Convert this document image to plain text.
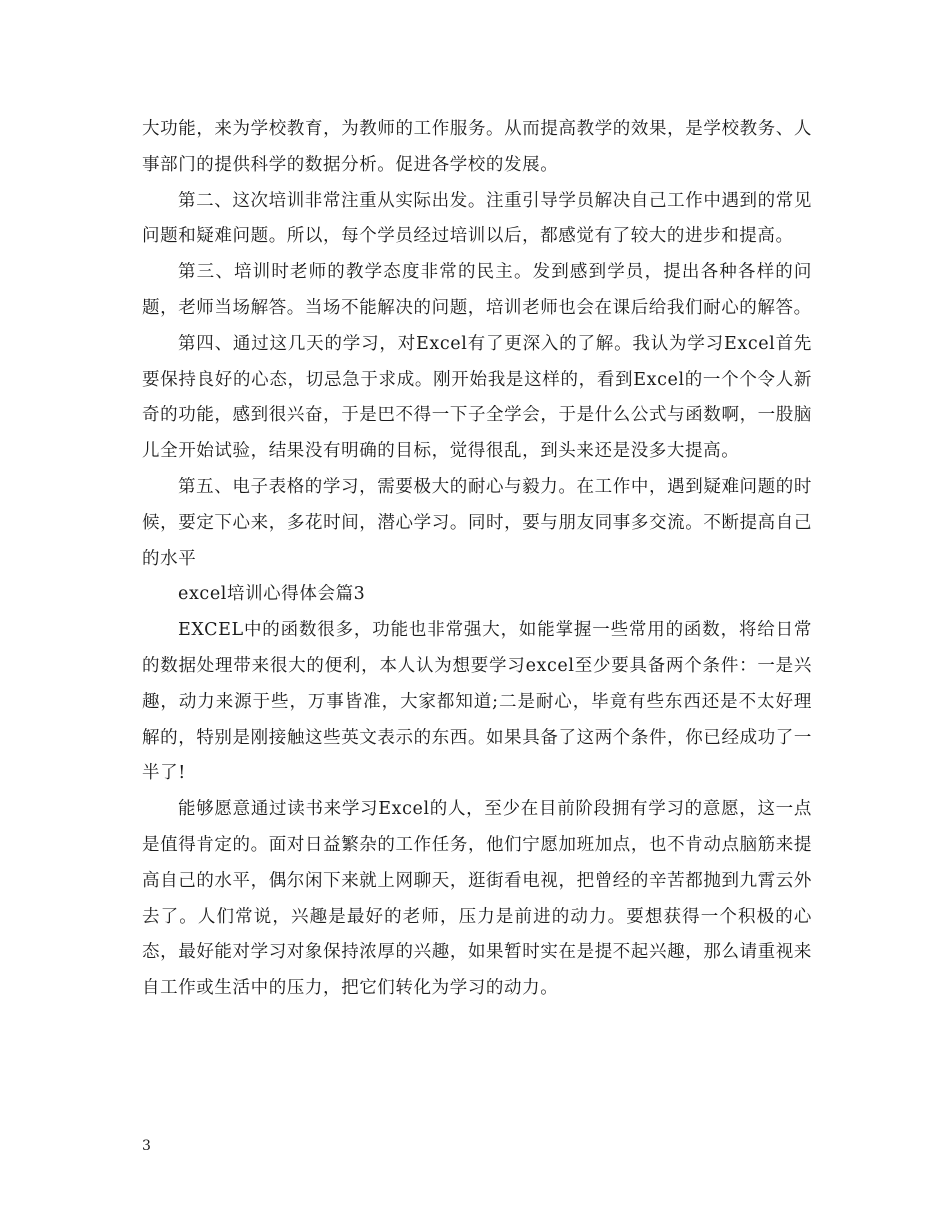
大功能，来为学校教育，为教师的工作服务。从而提高教学的效果，是学校教务、人事部门的提供科学的数据分析。促进各学校的发展。

第二、这次培训非常注重从实际出发。注重引导学员解决自己工作中遇到的常见问题和疑难问题。所以，每个学员经过培训以后，都感觉有了较大的进步和提高。

第三、培训时老师的教学态度非常的民主。发到感到学员，提出各种各样的问题，老师当场解答。当场不能解决的问题，培训老师也会在课后给我们耐心的解答。

第四、通过这几天的学习，对Excel有了更深入的了解。我认为学习Excel首先要保持良好的心态，切忌急于求成。刚开始我是这样的，看到Excel的一个个令人新奇的功能，感到很兴奋，于是巴不得一下子全学会，于是什么公式与函数啊，一股脑儿全开始试验，结果没有明确的目标，觉得很乱，到头来还是没多大提高。

第五、电子表格的学习，需要极大的耐心与毅力。在工作中，遇到疑难问题的时候，要定下心来，多花时间，潜心学习。同时，要与朋友同事多交流。不断提高自己的水平

excel培训心得体会篇3

EXCEL中的函数很多，功能也非常强大，如能掌握一些常用的函数，将给日常的数据处理带来很大的便利，本人认为想要学习excel至少要具备两个条件：一是兴趣，动力来源于些，万事皆准，大家都知道;二是耐心，毕竟有些东西还是不太好理解的，特别是刚接触这些英文表示的东西。如果具备了这两个条件，你已经成功了一半了!

能够愿意通过读书来学习Excel的人，至少在目前阶段拥有学习的意愿，这一点是值得肯定的。面对日益繁杂的工作任务，他们宁愿加班加点，也不肯动点脑筋来提高自己的水平，偶尔闲下来就上网聊天，逛街看电视，把曾经的辛苦都抛到九霄云外去了。人们常说，兴趣是最好的老师，压力是前进的动力。要想获得一个积极的心态，最好能对学习对象保持浓厚的兴趣，如果暂时实在是提不起兴趣，那么请重视来自工作或生活中的压力，把它们转化为学习的动力。

3
